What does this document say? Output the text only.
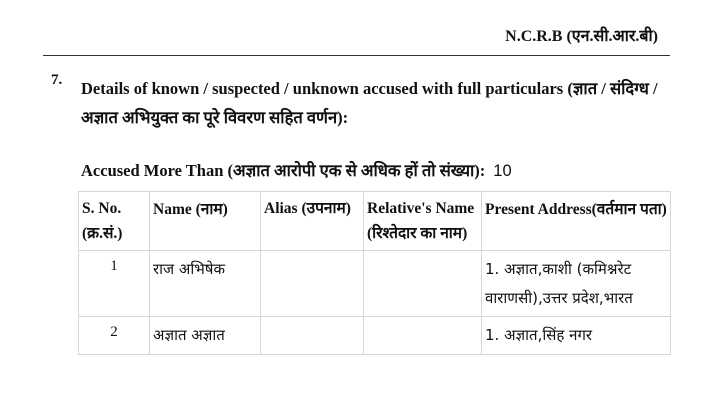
N.C.R.B (एन.सी.आर.बी)
7. Details of known / suspected / unknown accused with full particulars (ज्ञात / संदिग्ध / अज्ञात अभियुक्त का पूरे विवरण सहित वर्णन):
Accused More Than (अज्ञात आरोपी एक से अधिक हों तो संख्या): 10
S. No. (क्र.सं.)	Name (नाम)	Alias (उपनाम)	Relative's Name (रिश्तेदार का नाम)	Present Address(वर्तमान पता)
1	राज अभिषेक			1. अज्ञात,काशी (कमिश्नरेट वाराणसी),उत्तर प्रदेश,भारत
2	अज्ञात अज्ञात			1. अज्ञात,सिंह नगर
